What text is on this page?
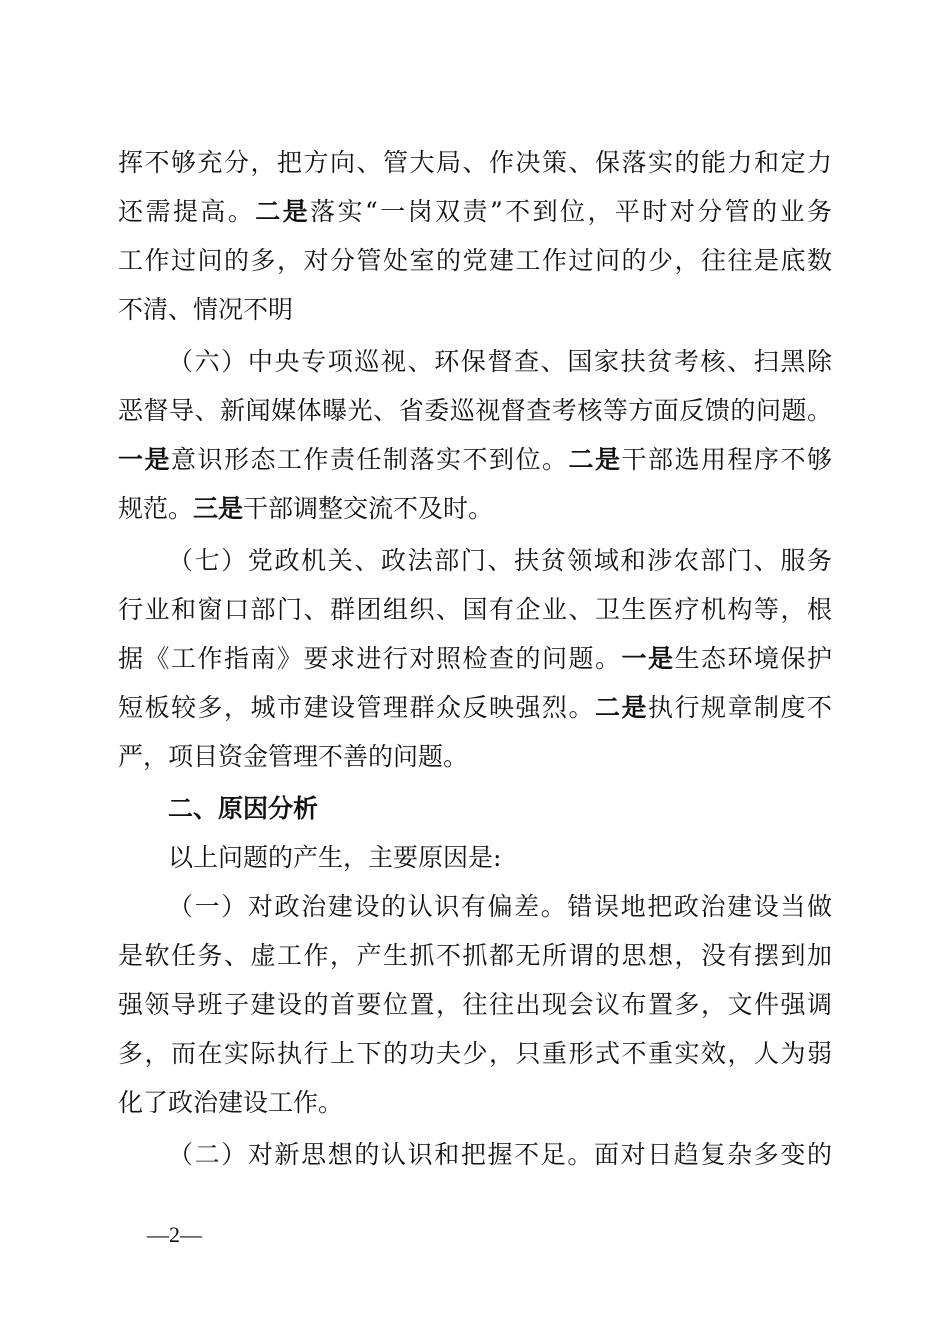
挥不够充分，把方向、管大局、作决策、保落实的能力和定力
还需提高。二是落实“一岗双责”不到位，平时对分管的业务
工作过问的多，对分管处室的党建工作过问的少，往往是底数
不清、情况不明
（六）中央专项巡视、环保督查、国家扶贫考核、扫黑除
恶督导、新闻媒体曝光、省委巡视督查考核等方面反馈的问题。
一是意识形态工作责任制落实不到位。二是干部选用程序不够
规范。三是干部调整交流不及时。
（七）党政机关、政法部门、扶贫领域和涉农部门、服务
行业和窗口部门、群团组织、国有企业、卫生医疗机构等，根
据《工作指南》要求进行对照检查的问题。一是生态环境保护
短板较多，城市建设管理群众反映强烈。二是执行规章制度不
严，项目资金管理不善的问题。
二、原因分析
以上问题的产生，主要原因是:
（一）对政治建设的认识有偏差。错误地把政治建设当做
是软任务、虚工作，产生抓不抓都无所谓的思想，没有摆到加
强领导班子建设的首要位置，往往出现会议布置多，文件强调
多，而在实际执行上下的功夫少，只重形式不重实效，人为弱
化了政治建设工作。
（二）对新思想的认识和把握不足。面对日趋复杂多变的
—2—
